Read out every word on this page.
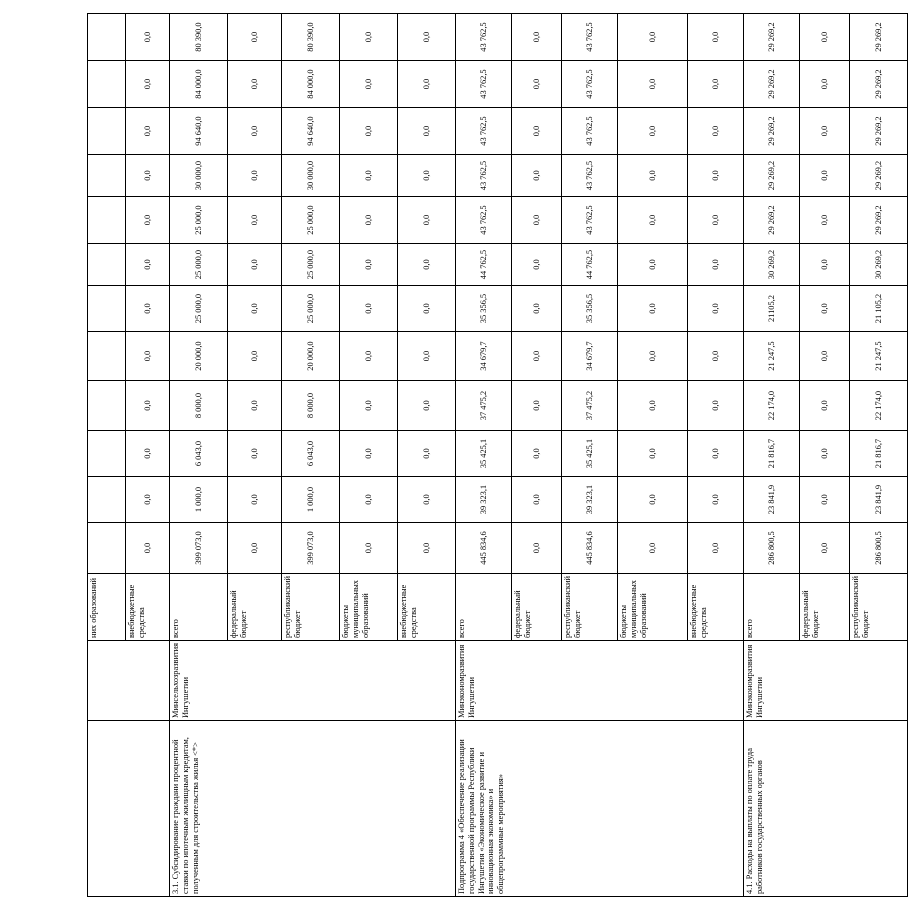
		них образований												
		внебюджетные средства	0,0	0,0	0,0	0,0	0,0	0,0	0,0	0,0	0,0	0,0	0,0	0,0
3.1. Субсидирование граждани процентной ставки по ипотечным жилищным кредитам, полученным для строительства жилья <*>	Минсельхозразвития Ингушетии	всего	399 073,0	1 000,0	6 043,0	8 000,0	20 000,0	25 000,0	25 000,0	25 000,0	30 000,0	94 640,0	84 000,0	80 390,0
		федеральный бюджет	0,0	0,0	0,0	0,0	0,0	0,0	0,0	0,0	0,0	0,0	0,0	0,0
		республиканский бюджет	399 073,0	1 000,0	6 043,0	8 000,0	20 000,0	25 000,0	25 000,0	25 000,0	30 000,0	94 640,0	84 000,0	80 390,0
		бюджеты муниципальных образований	0,0	0,0	0,0	0,0	0,0	0,0	0,0	0,0	0,0	0,0	0,0	0,0
		внебюджетные средства	0,0	0,0	0,0	0,0	0,0	0,0	0,0	0,0	0,0	0,0	0,0	0,0
Подпрограмма 4 «Обеспечение реализации государственной программы Республики Ингушетия «Экономическое развитие и инновационная экономика» и общепрограммные мероприятия»	Минэкономразвития Ингушетии	всего	445 834,6	39 323,1	35 425,1	37 475,2	34 679,7	35 356,5	44 762,5	43 762,5	43 762,5	43 762,5	43 762,5	43 762,5
		федеральный бюджет	0,0	0,0	0,0	0,0	0,0	0,0	0,0	0,0	0,0	0,0	0,0	0,0
		республиканский бюджет	445 834,6	39 323,1	35 425,1	37 475,2	34 679,7	35 356,5	44 762,5	43 762,5	43 762,5	43 762,5	43 762,5	43 762,5
		бюджеты муниципальных образований	0,0	0,0	0,0	0,0	0,0	0,0	0,0	0,0	0,0	0,0	0,0	0,0
		внебюджетные средства	0,0	0,0	0,0	0,0	0,0	0,0	0,0	0,0	0,0	0,0	0,0	0,0
4.1. Расходы на выплаты по оплате труда работников государственных органов	Минэкономразвития Ингушетии	всего	286 800,5	23 841,9	21 816,7	22 174,0	21 247,5	21105,2	30 269,2	29 269,2	29 269,2	29 269,2	29 269,2	29 269,2
		федеральный бюджет	0,0	0,0	0,0	0,0	0,0	0,0	0,0	0,0	0,0	0,0	0,0	0,0
		республиканский бюджет	286 800,5	23 841,9	21 816,7	22 174,0	21 247,5	21 105,2	30 269,2	29 269,2	29 269,2	29 269,2	29 269,2	29 269,2
